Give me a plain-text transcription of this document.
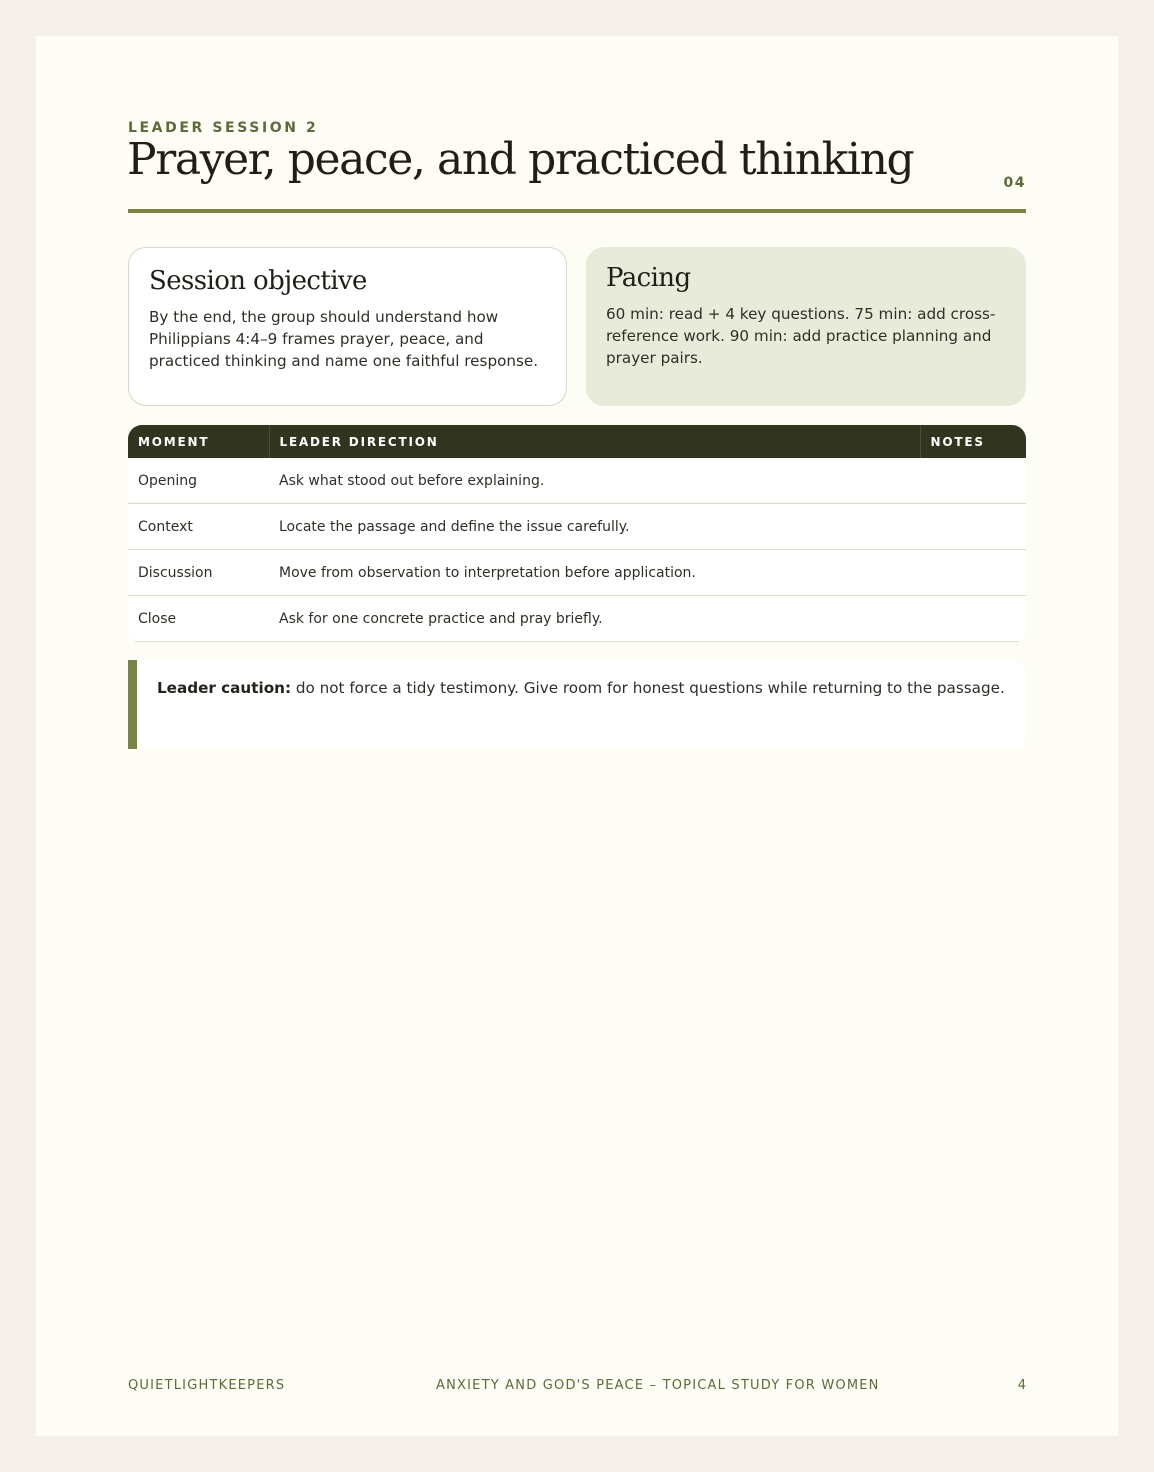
LEADER SESSION 2
Prayer, peace, and practiced thinking	04
Session objective

By the end, the group should understand how Philippians 4:4–9 frames prayer, peace, and practiced thinking and name one faithful response.

Pacing

60 min: read + 4 key questions. 75 min: add cross-reference work. 90 min: add practice planning and prayer pairs.

MOMENT	LEADER DIRECTION	NOTES
Opening	Ask what stood out before explaining.	
Context	Locate the passage and define the issue carefully.	
Discussion	Move from observation to interpretation before application.	
Close	Ask for one concrete practice and pray briefly.	
Leader caution: do not force a tidy testimony. Give room for honest questions while returning to the passage.
QUIETLIGHTKEEPERS	ANXIETY AND GOD'S PEACE – TOPICAL STUDY FOR WOMEN	4
